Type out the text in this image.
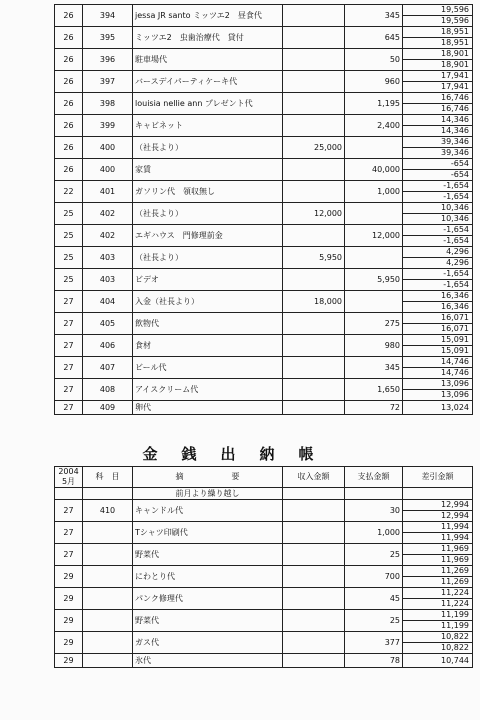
26	394	jessa JR santo ミッツエ2　昼食代		345	19,596
19,596

26	395	ミッツエ2　虫歯治療代　貸付		645	18,951
18,951

26	396	駐車場代		50	18,901
18,901

26	397	バースデイパーティケーキ代		960	17,941
17,941

26	398	louisia nellie ann プレゼント代		1,195	16,746
16,746

26	399	キャビネット		2,400	14,346
14,346

26	400	（社長より）	25,000		39,346
39,346

26	400	家賃		40,000	-654
-654

22	401	ガソリン代　領収無し		1,000	-1,654
-1,654

25	402	（社長より）	12,000		10,346
10,346

25	402	エギハウス　門修理前金		12,000	-1,654
-1,654

25	403	（社長より）	5,950		4,296
4,296

25	403	ビデオ		5,950	-1,654
-1,654

27	404	入金（社長より）	18,000		16,346
16,346

27	405	飲物代		275	16,071
16,071

27	406	食材		980	15,091
15,091

27	407	ビール代		345	14,746
14,746

27	408	アイスクリーム代		1,650	13,096
13,096

27	409	卵代		72	13,024
金銭出納帳
2004
5月	科　目	摘　　　　　　要	収入金額	支払金額	差引金額
		前月より繰り越し			
27	410	キャンドル代		30	12,994
12,994

27		Tシャツ印刷代		1,000	11,994
11,994

27		野菜代		25	11,969
11,969

29		にわとり代		700	11,269
11,269

29		パンク修理代		45	11,224
11,224

29		野菜代		25	11,199
11,199

29		ガス代		377	10,822
10,822

29		氷代		78	10,744
